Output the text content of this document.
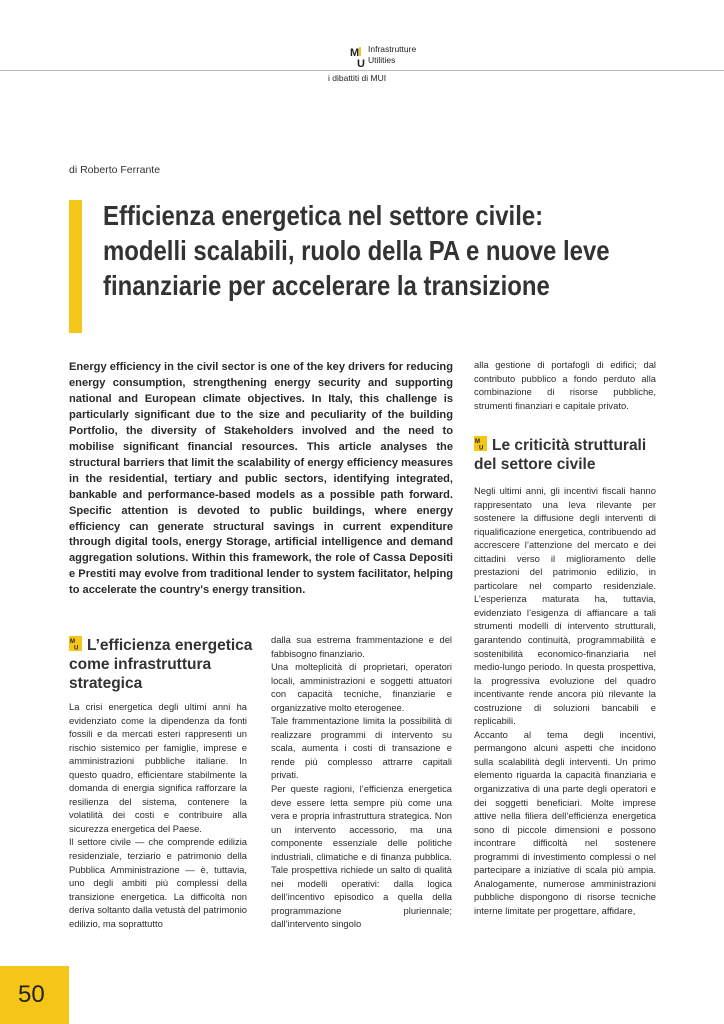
M
U
Infrastrutture
Utilities
i dibattiti di MUI
di Roberto Ferrante
Efficienza energetica nel settore civile: modelli scalabili, ruolo della PA e nuove leve finanziarie per accelerare la transizione
Energy efficiency in the civil sector is one of the key drivers for reducing energy consumption, strengthening energy security and supporting national and European climate objectives. In Italy, this challenge is particularly significant due to the size and peculiarity of the building Portfolio, the diversity of Stakeholders involved and the need to mobilise significant financial resources. This article analyses the structural barriers that limit the scalability of energy efficiency measures in the residential, tertiary and public sectors, identifying integrated, bankable and performance-based models as a possible path forward. Specific attention is devoted to public buildings, where energy efficiency can generate structural savings in current expenditure through digital tools, energy Storage, artificial intelligence and demand aggregation solutions. Within this framework, the role of Cassa Depositi e Prestiti may evolve from traditional lender to system facilitator, helping to accelerate the country's energy transition.
M
U L’efficienza energetica come infrastruttura strategica

La crisi energetica degli ultimi anni ha evidenziato come la dipendenza da fonti fossili e da mercati esteri rappresenti un rischio sistemico per famiglie, imprese e amministrazioni pubbliche italiane. In questo quadro, efficientare stabilmente la domanda di energia significa rafforzare la resilienza del sistema, contenere la volatilità dei costi e contribuire alla sicurezza energetica del Paese.

Il settore civile — che comprende edilizia residenziale, terziario e patrimonio della Pubblica Amministrazione — è, tuttavia, uno degli ambiti più complessi della transizione energetica. La difficoltà non deriva soltanto dalla vetustà del patrimonio edilizio, ma soprattutto

dalla sua estrema frammentazione e del fabbisogno finanziario.

Una molteplicità di proprietari, operatori locali, amministrazioni e soggetti attuatori con capacità tecniche, finanziarie e organizzative molto eterogenee.

Tale frammentazione limita la possibilità di realizzare programmi di intervento su scala, aumenta i costi di transazione e rende più complesso attrarre capitali privati.

Per queste ragioni, l’efficienza energetica deve essere letta sempre più come una vera e propria infrastruttura strategica. Non un intervento accessorio, ma una componente essenziale delle politiche industriali, climatiche e di finanza pubblica. Tale prospettiva richiede un salto di qualità nei modelli operativi: dalla logica dell’incentivo episodico a quella della programmazione pluriennale; dall’intervento singolo

alla gestione di portafogli di edifici; dal contributo pubblico a fondo perduto alla combinazione di risorse pubbliche, strumenti finanziari e capitale privato.

M
U Le criticità strutturali del settore civile

Negli ultimi anni, gli incentivi fiscali hanno rappresentato una leva rilevante per sostenere la diffusione degli interventi di riqualificazione energetica, contribuendo ad accrescere l’attenzione del mercato e dei cittadini verso il miglioramento delle prestazioni del patrimonio edilizio, in particolare nel comparto residenziale. L’esperienza maturata ha, tuttavia, evidenziato l’esigenza di affiancare a tali strumenti modelli di intervento strutturali, garantendo continuità, programmabilità e sostenibilità economico-finanziaria nel medio-lungo periodo. In questa prospettiva, la progressiva evoluzione del quadro incentivante rende ancora più rilevante la costruzione di soluzioni bancabili e replicabili.

Accanto al tema degli incentivi, permangono alcuni aspetti che incidono sulla scalabilità degli interventi. Un primo elemento riguarda la capacità finanziaria e organizzativa di una parte degli operatori e dei soggetti beneficiari. Molte imprese attive nella filiera dell’efficienza energetica sono di piccole dimensioni e possono incontrare difficoltà nel sostenere programmi di investimento complessi o nel partecipare a iniziative di scala più ampia. Analogamente, numerose amministrazioni pubbliche dispongono di risorse tecniche interne limitate per progettare, affidare,

50
